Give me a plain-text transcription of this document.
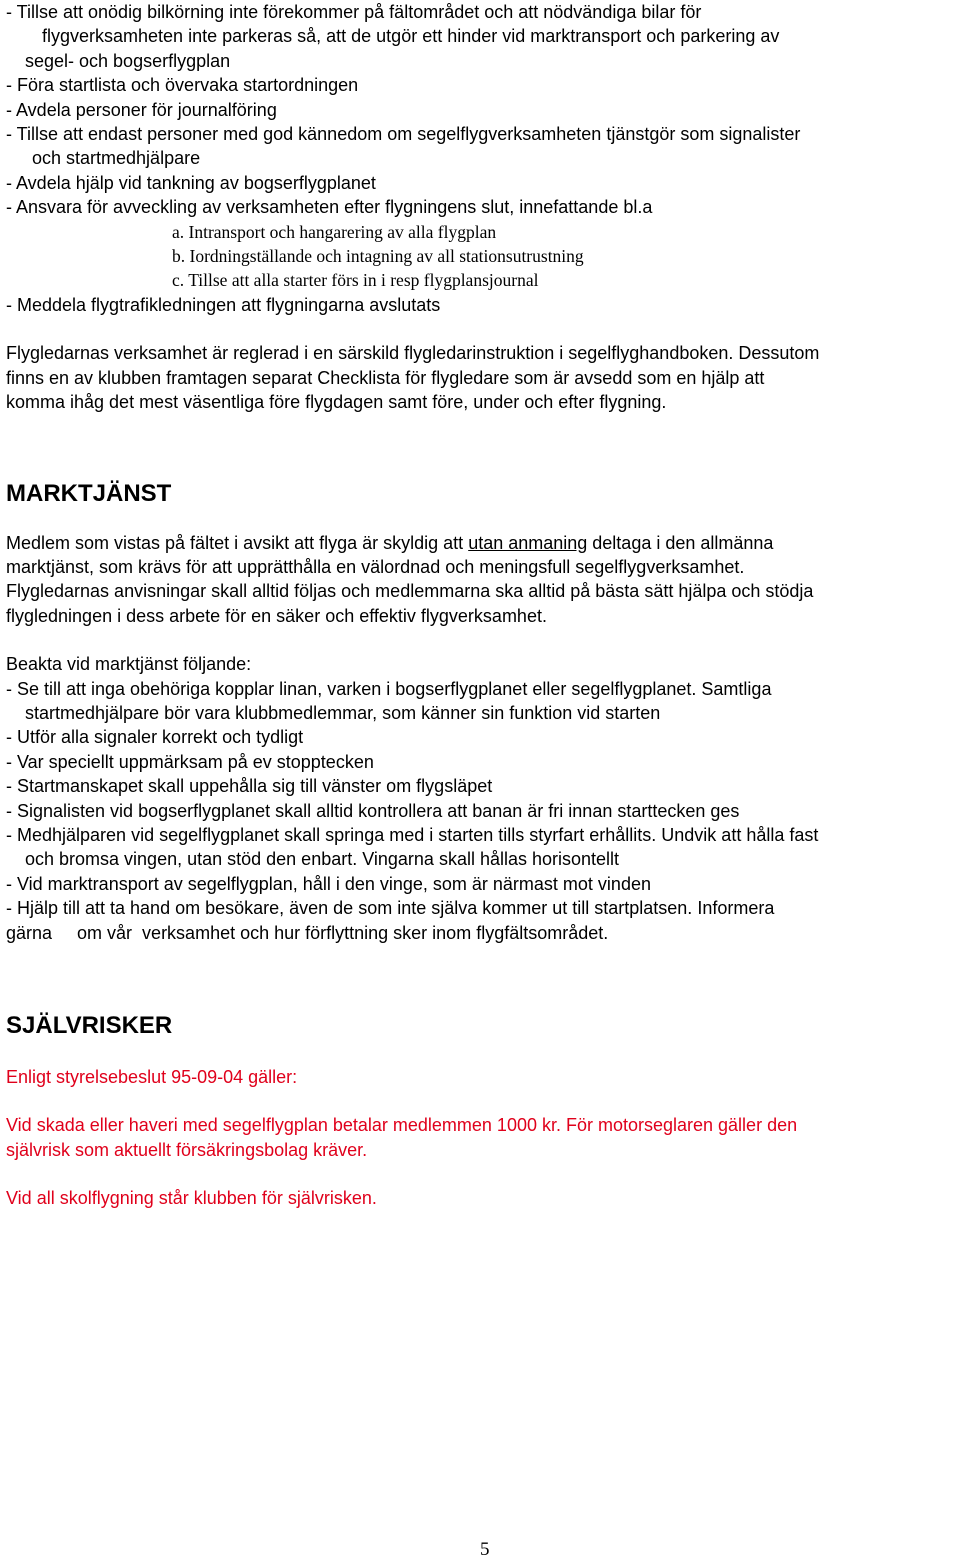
- Tillse att onödig bilkörning inte förekommer på fältområdet och att nödvändiga bilar för
flygverksamheten inte parkeras så, att de utgör ett hinder vid marktransport och parkering av
segel- och bogserflygplan
- Föra startlista och övervaka startordningen
- Avdela personer för journalföring
- Tillse att endast personer med god kännedom om segelflygverksamheten tjänstgör som signalister
och startmedhjälpare
- Avdela hjälp vid tankning av bogserflygplanet
- Ansvara för avveckling av verksamheten efter flygningens slut, innefattande bl.a
a. Intransport och hangarering av alla flygplan
b. Iordningställande och intagning av all stationsutrustning
c. Tillse att alla starter förs in i resp flygplansjournal
- Meddela flygtrafikledningen att flygningarna avslutats
Flygledarnas verksamhet är reglerad i en särskild flygledarinstruktion i segelflyghandboken. Dessutom
finns en av klubben framtagen separat Checklista för flygledare som är avsedd som en hjälp att
komma ihåg det mest väsentliga före flygdagen samt före, under och efter flygning.
MARKTJÄNST
Medlem som vistas på fältet i avsikt att flyga är skyldig att utan anmaning deltaga i den allmänna
marktjänst, som krävs för att upprätthålla en välordnad och meningsfull segelflygverksamhet.
Flygledarnas anvisningar skall alltid följas och medlemmarna ska alltid på bästa sätt hjälpa och stödja
flygledningen i dess arbete för en säker och effektiv flygverksamhet.
Beakta vid marktjänst följande:
- Se till att inga obehöriga kopplar linan, varken i bogserflygplanet eller segelflygplanet. Samtliga
startmedhjälpare bör vara klubbmedlemmar, som känner sin funktion vid starten
- Utför alla signaler korrekt och tydligt
- Var speciellt uppmärksam på ev stopptecken
- Startmanskapet skall uppehålla sig till vänster om flygsläpet
- Signalisten vid bogserflygplanet skall alltid kontrollera att banan är fri innan starttecken ges
- Medhjälparen vid segelflygplanet skall springa med i starten tills styrfart erhållits. Undvik att hålla fast
och bromsa vingen, utan stöd den enbart. Vingarna skall hållas horisontellt
- Vid marktransport av segelflygplan, håll i den vinge, som är närmast mot vinden
- Hjälp till att ta hand om besökare, även de som inte själva kommer ut till startplatsen. Informera
gärna     om vår  verksamhet och hur förflyttning sker inom flygfältsområdet.
SJÄLVRISKER
Enligt styrelsebeslut 95-09-04 gäller:
Vid skada eller haveri med segelflygplan betalar medlemmen 1000 kr. För motorseglaren gäller den
självrisk som aktuellt försäkringsbolag kräver.
Vid all skolflygning står klubben för självrisken.
5
